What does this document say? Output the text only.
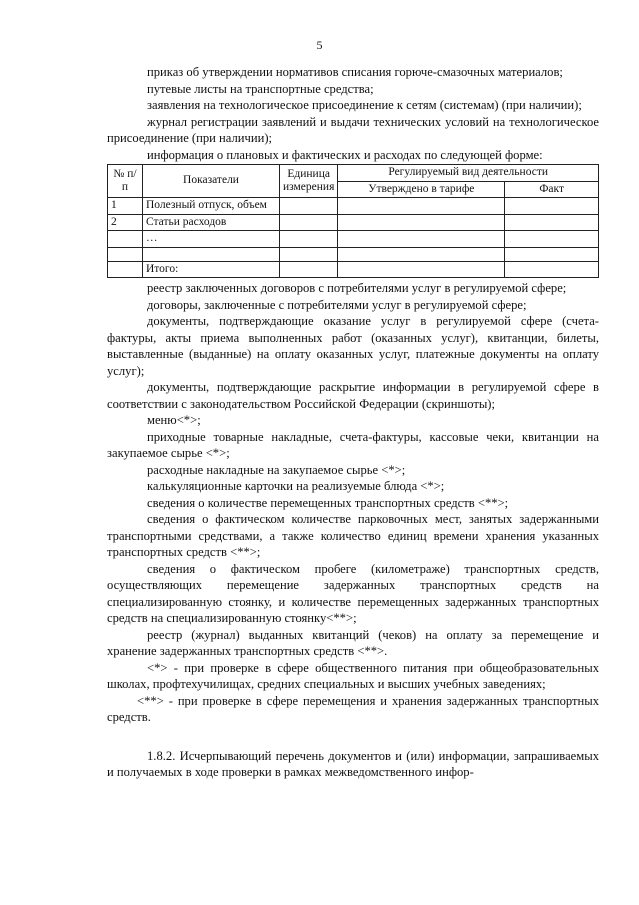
5

приказ об утверждении нормативов списания горюче-смазочных материалов;

путевые листы на транспортные средства;

заявления на технологическое присоединение к сетям (системам) (при наличии);

журнал регистрации заявлений и выдачи технических условий на технологическое присоединение (при наличии);

информация о плановых и фактических и расходах по следующей форме:

№ п/п	Показатели	Единица измерения	Регулируемый вид деятельности	
			Утверждено в тарифе	Факт
1	Полезный отпуск, объем			
2	Статьи расходов			
	…			

	Итого:			

реестр заключенных договоров с потребителями услуг в регулируемой сфере;

договоры, заключенные с потребителями услуг в регулируемой сфере;

документы, подтверждающие оказание услуг в регулируемой сфере (счета-фактуры, акты приема выполненных работ (оказанных услуг), квитанции, билеты, выставленные (выданные) на оплату оказанных услуг, платежные документы на оплату услуг);

документы, подтверждающие раскрытие информации в регулируемой сфере в соответствии с законодательством Российской Федерации (скриншоты);

меню<*>;

приходные товарные накладные, счета-фактуры, кассовые чеки, квитанции на закупаемое сырье <*>;

расходные накладные на закупаемое сырье <*>;

калькуляционные карточки на реализуемые блюда <*>;

сведения о количестве перемещенных транспортных средств <**>;

сведения о фактическом количестве парковочных мест, занятых задержанными транспортными средствами, а также количество единиц времени хранения указанных транспортных средств <**>;

сведения о фактическом пробеге (километраже) транспортных средств, осуществляющих перемещение задержанных транспортных средств на специализированную стоянку, и количестве перемещенных задержанных транспортных средств на специализированную стоянку<**>;

реестр (журнал) выданных квитанций (чеков) на оплату за перемещение и хранение задержанных транспортных средств <**>.

<*> - при проверке в сфере общественного питания при общеобразовательных школах, профтехучилищах, средних специальных и высших учебных заведениях;

<**> - при проверке в сфере перемещения и хранения задержанных транспортных средств.

1.8.2. Исчерпывающий перечень документов и (или) информации, запрашиваемых и получаемых в ходе проверки в рамках межведомственного инфор-
